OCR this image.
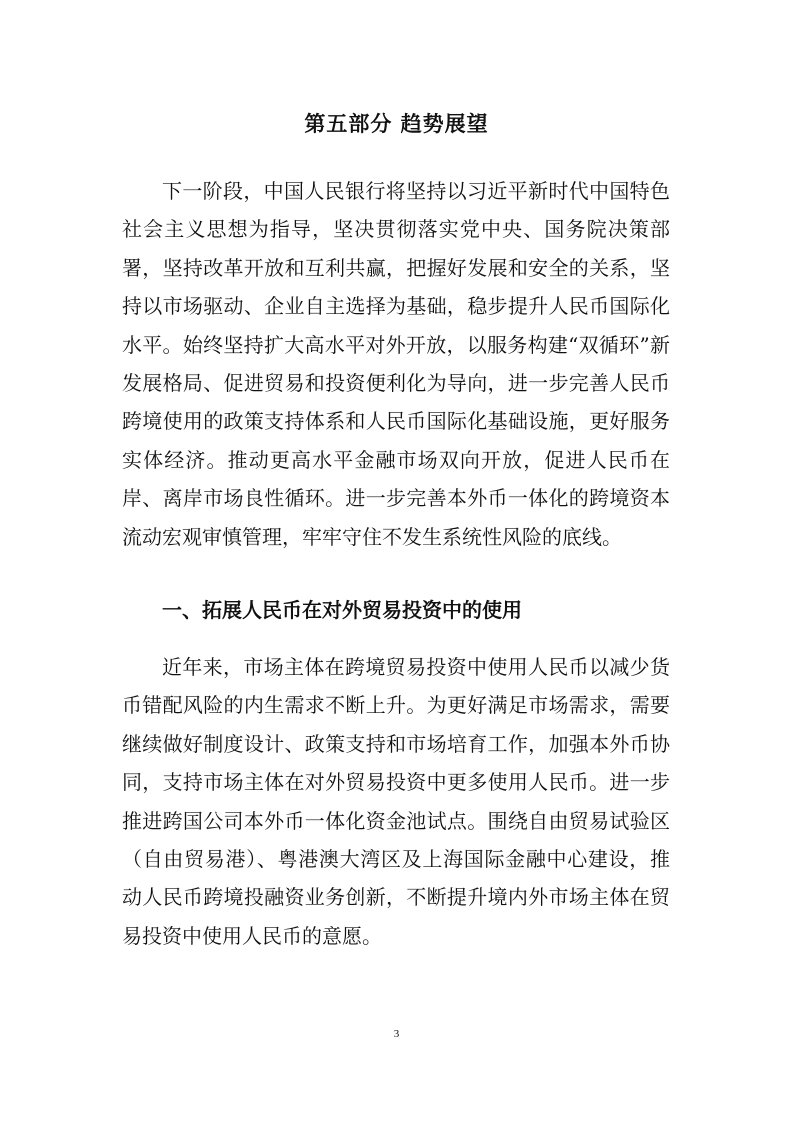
第五部分 趋势展望

下一阶段，中国人民银行将坚持以习近平新时代中国特色社会主义思想为指导，坚决贯彻落实党中央、国务院决策部署，坚持改革开放和互利共赢，把握好发展和安全的关系，坚持以市场驱动、企业自主选择为基础，稳步提升人民币国际化水平。始终坚持扩大高水平对外开放，以服务构建“双循环”新发展格局、促进贸易和投资便利化为导向，进一步完善人民币跨境使用的政策支持体系和人民币国际化基础设施，更好服务实体经济。推动更高水平金融市场双向开放，促进人民币在岸、离岸市场良性循环。进一步完善本外币一体化的跨境资本流动宏观审慎管理，牢牢守住不发生系统性风险的底线。

一、拓展人民币在对外贸易投资中的使用

近年来，市场主体在跨境贸易投资中使用人民币以减少货币错配风险的内生需求不断上升。为更好满足市场需求，需要继续做好制度设计、政策支持和市场培育工作，加强本外币协同，支持市场主体在对外贸易投资中更多使用人民币。进一步推进跨国公司本外币一体化资金池试点。围绕自由贸易试验区（自由贸易港）、粤港澳大湾区及上海国际金融中心建设，推动人民币跨境投融资业务创新，不断提升境内外市场主体在贸易投资中使用人民币的意愿。

3
